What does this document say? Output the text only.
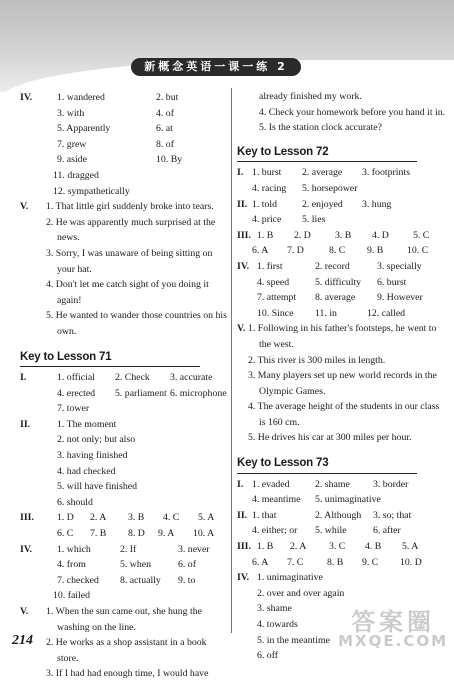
新概念英语一课一练 2
IV.	1. wandered	2. but
3. with	4. of
5. Apparently	6. at
7. grew	8. of
9. aside	10. By
11. dragged
12. sympathetically
V.	1. That little girl suddenly broke into tears.
2. He was apparently much surprised at the news.
3. Sorry, I was unaware of being sitting on your hat.
4. Don't let me catch sight of you doing it again!
5. He wanted to wander those countries on his own.
Key to Lesson 71
I.	1. official 2. Check 3. accurate
4. erected 5. parliament 6. microphone
7. tower
II.	1. The moment
2. not only; but also
3. having finished
4. had checked
5. will have finished
6. should
III. 1. D 2. A 3. B 4. C 5. A
6. C 7. B 8. D 9. A 10. A
IV.	1. which	2. If	3. never
4. from	5. when	6. of
7. checked 8. actually 9. to
10. failed
V.	1. When the sun came out, she hung the washing on the line.
2. He works as a shop assistant in a book store.
3. If I had had enough time, I would have
already finished my work.
4. Check your homework before you hand it in.
5. Is the station clock accurate?
Key to Lesson 72
I. 1. burst 2. average 3. footprints
4. racing 5. horsepower
II. 1. told	2. enjoyed 3. hung
4. price 5. lies
III. 1. B 2. D 3. B 4. D 5. C
6. A 7. D	8. C 9. B 10. C
IV. 1. first	2. record	3. specially
4. speed	5. difficulty 6. burst
7. attempt 8. average 9. However
10. Since 11. in	12. called
V. 1. Following in his father's footsteps, he went to the west.
2. This river is 300 miles in length.
3. Many players set up new world records in the Olympic Games.
4. The average height of the students in our class is 160 cm.
5. He drives his car at 300 miles per hour.
Key to Lesson 73
I. 1. evaded	2. shame 3. border
4. meantime 5. unimaginative
II. 1. that	2. Although 3. so; that
4. either; or 5. while	6. after
III. 1. B 2. A 3. C 4. B 5. A
6. A 7. C 8. B 9. C 10. D
IV. 1. unimaginative
2. over and over again
3. shame
4. towards
5. in the meantime
6. off
214
答案圈
MXQE.COM
